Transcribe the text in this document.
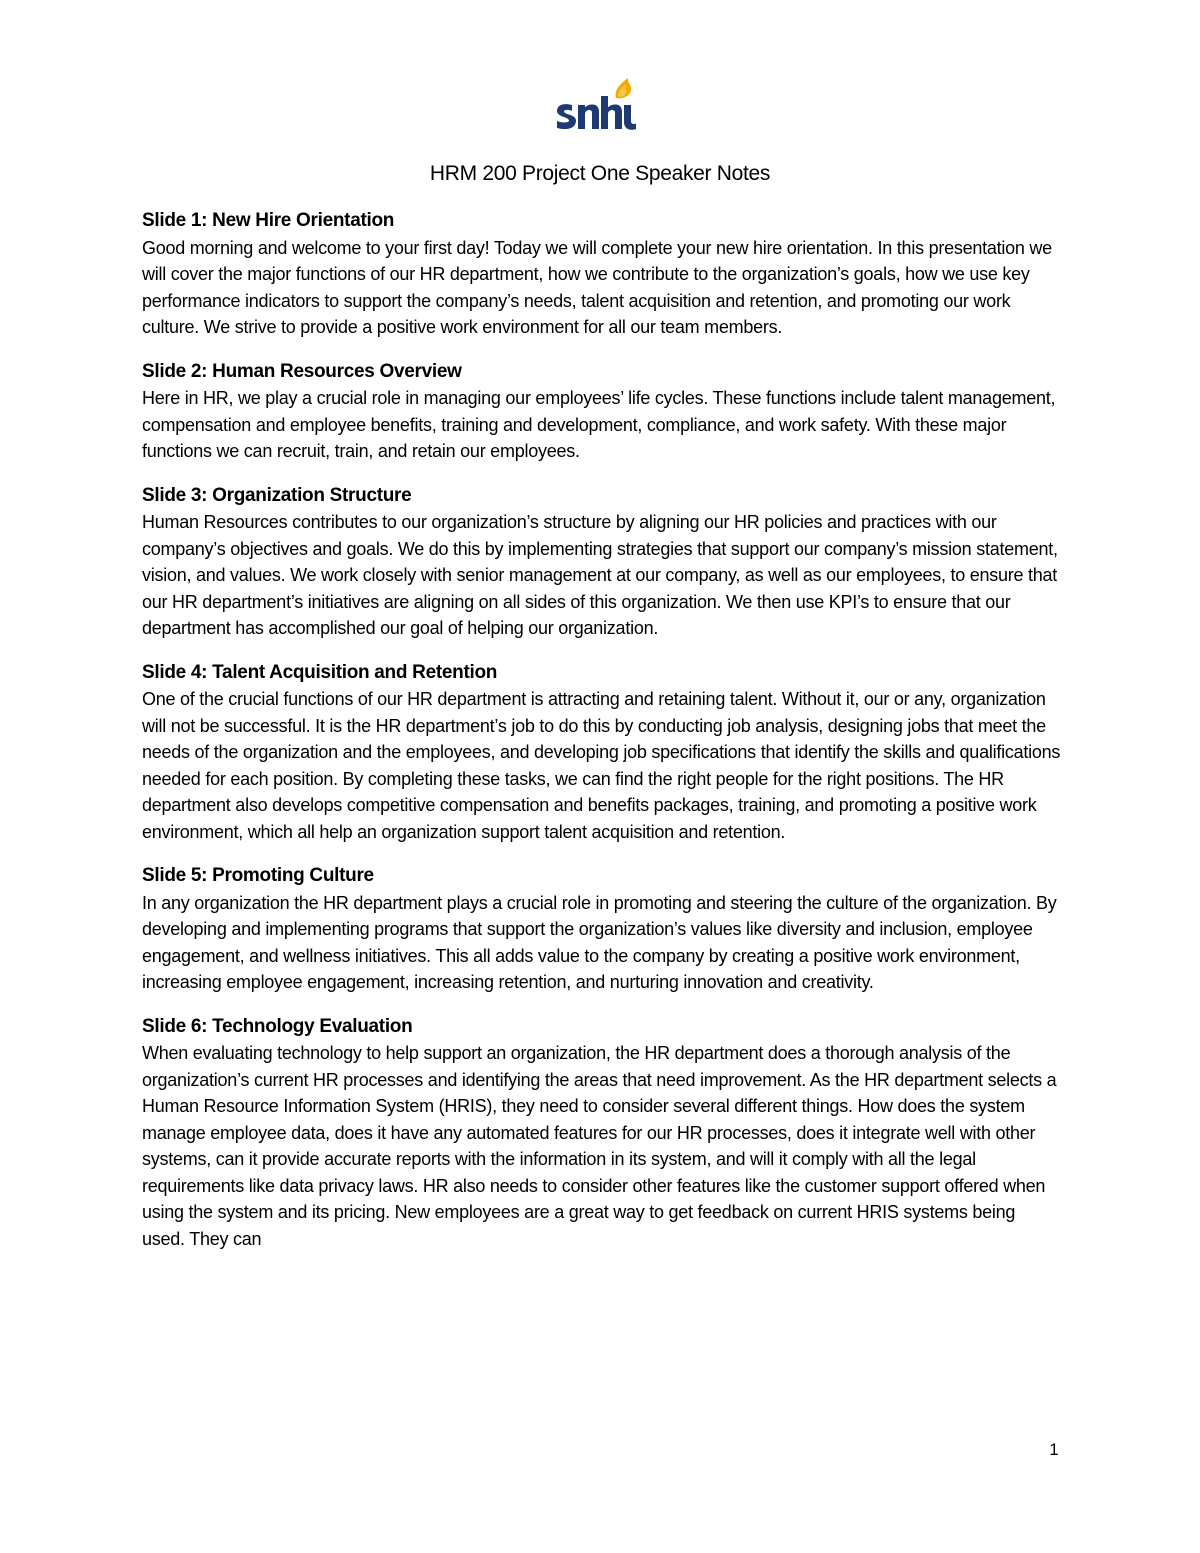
HRM 200 Project One Speaker Notes
Slide 1: New Hire Orientation

Good morning and welcome to your first day! Today we will complete your new hire orientation. In this presentation we will cover the major functions of our HR department, how we contribute to the organization’s goals, how we use key performance indicators to support the company’s needs, talent acquisition and retention, and promoting our work culture. We strive to provide a positive work environment for all our team members.

Slide 2: Human Resources Overview

Here in HR, we play a crucial role in managing our employees’ life cycles. These functions include talent management, compensation and employee benefits, training and development, compliance, and work safety. With these major functions we can recruit, train, and retain our employees.

Slide 3: Organization Structure

Human Resources contributes to our organization’s structure by aligning our HR policies and practices with our company’s objectives and goals. We do this by implementing strategies that support our company’s mission statement, vision, and values. We work closely with senior management at our company, as well as our employees, to ensure that our HR department’s initiatives are aligning on all sides of this organization. We then use KPI’s to ensure that our department has accomplished our goal of helping our organization.

Slide 4: Talent Acquisition and Retention

One of the crucial functions of our HR department is attracting and retaining talent. Without it, our or any, organization will not be successful. It is the HR department’s job to do this by conducting job analysis, designing jobs that meet the needs of the organization and the employees, and developing job specifications that identify the skills and qualifications needed for each position. By completing these tasks, we can find the right people for the right positions. The HR department also develops competitive compensation and benefits packages, training, and promoting a positive work environment, which all help an organization support talent acquisition and retention.

Slide 5: Promoting Culture

In any organization the HR department plays a crucial role in promoting and steering the culture of the organization. By developing and implementing programs that support the organization’s values like diversity and inclusion, employee engagement, and wellness initiatives. This all adds value to the company by creating a positive work environment, increasing employee engagement, increasing retention, and nurturing innovation and creativity.

Slide 6: Technology Evaluation

When evaluating technology to help support an organization, the HR department does a thorough analysis of the organization’s current HR processes and identifying the areas that need improvement. As the HR department selects a Human Resource Information System (HRIS), they need to consider several different things. How does the system manage employee data, does it have any automated features for our HR processes, does it integrate well with other systems, can it provide accurate reports with the information in its system, and will it comply with all the legal requirements like data privacy laws. HR also needs to consider other features like the customer support offered when using the system and its pricing. New employees are a great way to get feedback on current HRIS systems being used. They can

1
